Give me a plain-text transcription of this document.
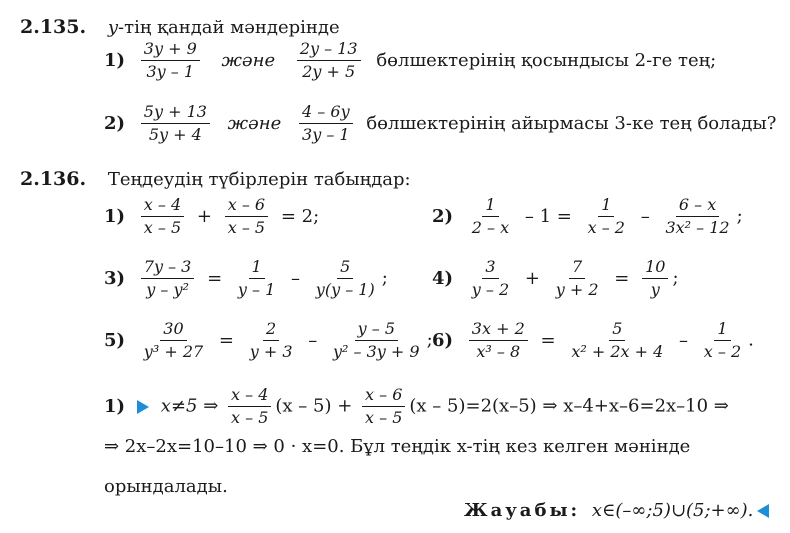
2.135. y-тің қандай мәндерінде
$1) \frac{3y + 9}{3y - 1}$ және $\frac{2y - 13}{2y + 5}$ бөлшектерінің қосындысы 2-ге тең;
$2) \frac{5y + 13}{5y + 4}$ және $\frac{4 - 6y}{3y - 1}$ бөлшектерінің айырмасы 3-ке тең болады?
2.136. Теңдеудің түбірлерін табыңдар:
$1) \frac{x - 4}{x - 5} + \frac{x - 6}{x - 5} = 2$;	$2) \frac{1}{2 - x} - 1 = \frac{1}{x - 2} - \frac{6 - x}{\text{3x² – 12}}$ ;
$3) \frac{7y - 3}{\text{y – y²}} = \frac{1}{y - 1} - \frac{5}{y(y - 1)}$ ; $4) \frac{3}{y - 2} + \frac{7}{y + 2} = \frac{10}{y}$ ;
$5) \frac{30}{\text{y³ + 27}} = \frac{2}{y + 3} - \frac{y - 5}{\text{y² – 3y + 9}}$ ; $6) \frac{3x + 2}{\text{x³ – 8}} = \frac{5}{\text{x² + 2x + 4}} - \frac{1}{x - 2}$ .
1) x≠5 ⇒ $\frac{x - 4}{x - 5} (x - 5) + \frac{x - 6}{x - 5} (x - 5)=2(x-5)$ ⇒ x–4+x–6=2x–10 ⇒
⇒ 2x–2x=10–10 ⇒ 0 · x=0. Бұл теңдік x-тің кез келген мәнінде
орындалады.
Жауабы: x∈(–∞;5)∪(5;+∞).
